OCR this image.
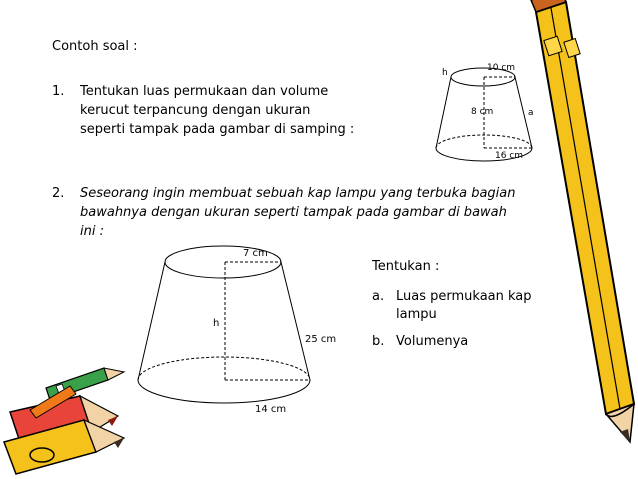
Contoh soal :
1. Tentukan luas permukaan dan volume
kerucut terpancung dengan ukuran
seperti tampak pada gambar di samping :
2. Seseorang ingin membuat sebuah kap lampu yang terbuka bagian
bawahnya dengan ukuran seperti tampak pada gambar di bawah
ini :
Tentukan :
a. Luas permukaan kap
lampu
b. Volumenya
h	10 cm
8 cm	a
16 cm
7 cm
h
25 cm
14 cm
